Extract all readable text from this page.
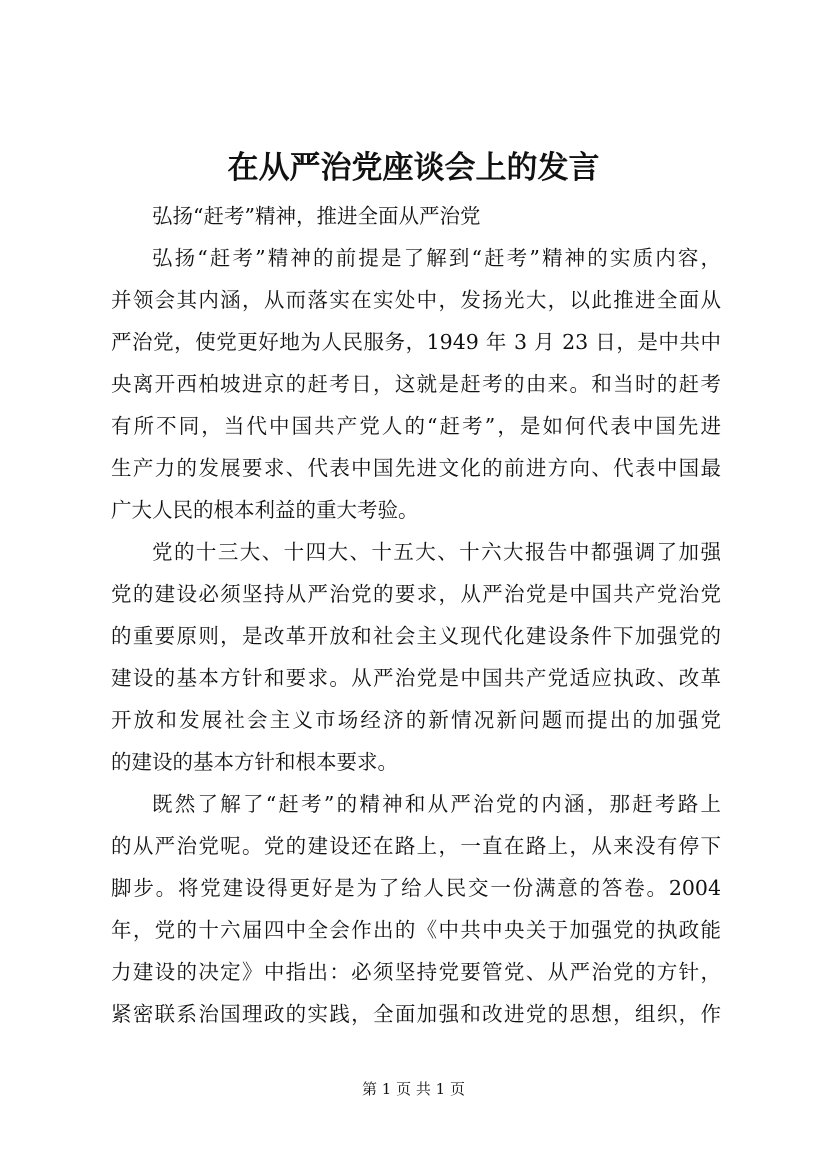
在从严治党座谈会上的发言
弘扬“赶考”精神，推进全面从严治党
弘扬“赶考”精神的前提是了解到“赶考”精神的实质内容，
并领会其内涵，从而落实在实处中，发扬光大，以此推进全面从
严治党，使党更好地为人民服务，1949 年 3 月 23 日，是中共中
央离开西柏坡进京的赶考日，这就是赶考的由来。和当时的赶考
有所不同，当代中国共产党人的“赶考”，是如何代表中国先进
生产力的发展要求、代表中国先进文化的前进方向、代表中国最
广大人民的根本利益的重大考验。
党的十三大、十四大、十五大、十六大报告中都强调了加强
党的建设必须坚持从严治党的要求，从严治党是中国共产党治党
的重要原则，是改革开放和社会主义现代化建设条件下加强党的
建设的基本方针和要求。从严治党是中国共产党适应执政、改革
开放和发展社会主义市场经济的新情况新问题而提出的加强党
的建设的基本方针和根本要求。
既然了解了“赶考”的精神和从严治党的内涵，那赶考路上
的从严治党呢。党的建设还在路上，一直在路上，从来没有停下
脚步。将党建设得更好是为了给人民交一份满意的答卷。2004
年，党的十六届四中全会作出的《中共中央关于加强党的执政能
力建设的决定》中指出：必须坚持党要管党、从严治党的方针，
紧密联系治国理政的实践，全面加强和改进党的思想，组织，作
第 1 页 共 1 页
